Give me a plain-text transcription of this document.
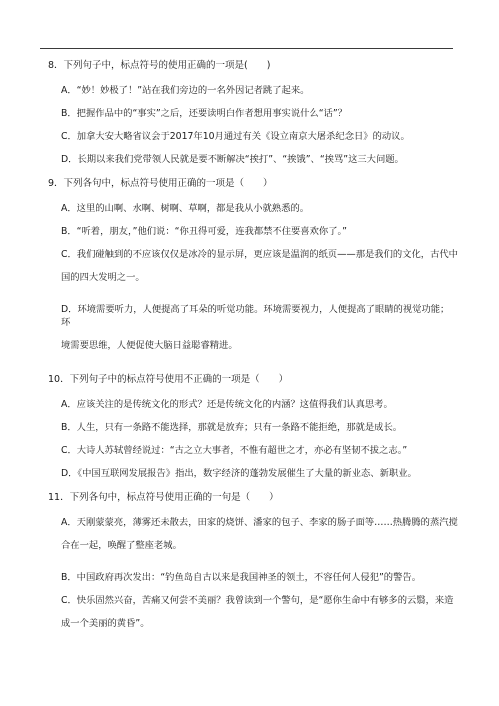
8．下列句子中，标点符号的使用正确的一项是(　　)

A．“妙！妙极了！”站在我们旁边的一名外因记者跳了起来。

B．把握作品中的“事实”之后，还要读明白作者想用事实说什么“话”？

C．加拿大安大略省议会于2017年10月通过有关《设立南京大屠杀纪念日》的动议。

D．长期以来我们党带领人民就是要不断解决“挨打”、“挨饿”、“挨骂”这三大问题。

9．下列各句中，标点符号使用正确的一项是（　　）

A．这里的山啊、水啊、树啊、草啊，都是我从小就熟悉的。

B．“听着，朋友，”他们说：“你丑得可爱，连我都禁不住要喜欢你了。”

C．我们碰触到的不应该仅仅是冰冷的显示屏，更应该是温润的纸页——那是我们的文化，古代中

国的四大发明之一。

D．环境需要听力，人便提高了耳朵的听觉功能。环境需要视力，人便提高了眼睛的视觉功能；环

境需要思维，人便促使大脑日益聪睿精进。

10．下列句子中的标点符号使用不正确的一项是（　　）

A．应该关注的是传统文化的形式？还是传统文化的内涵？这值得我们认真思考。

B．人生，只有一条路不能选择，那就是放弃；只有一条路不能拒绝，那就是成长。

C．大诗人苏轼曾经说过：“古之立大事者，不惟有超世之才，亦必有坚韧不拔之志。”

D．《中国互联网发展报告》指出，数字经济的蓬勃发展催生了大量的新业态、新职业。

11．下列各句中，标点符号使用正确的一句是（　　）

A．天刚蒙蒙亮，薄雾还未散去，田家的烧饼、潘家的包子、李家的肠子面等……热腾腾的蒸汽搅

合在一起，唤醒了整座老城。

B．中国政府再次发出：“钓鱼岛自古以来是我国神圣的领土，不容任何人侵犯”的警告。

C．快乐固然兴奋，苦痛又何尝不美丽？我曾读到一个警句，是“愿你生命中有够多的云翳，来造

成一个美丽的黄昏”。
